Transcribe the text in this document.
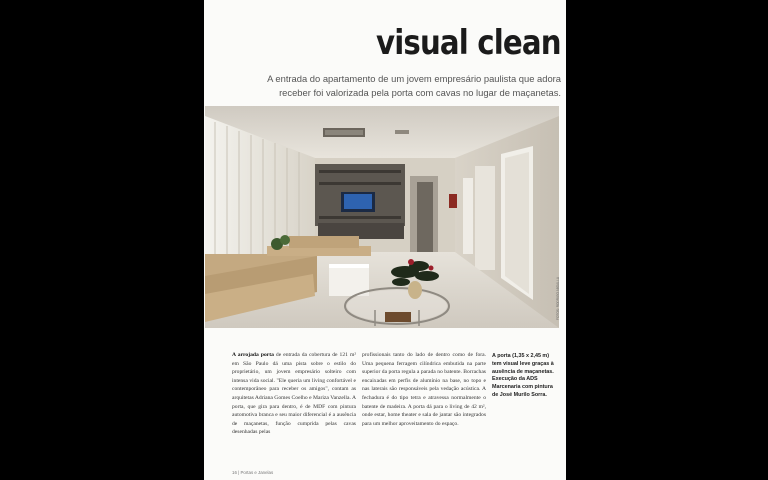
visual clean

A entrada do apartamento de um jovem empresário paulista que adora receber foi valorizada pela porta com cavas no lugar de maçanetas.

FOTOS: RODRIGO ABDALLA

A arrojada porta de entrada da cobertura de 121 m² em São Paulo dá uma pista sobre o estilo do proprietário, um jovem empresário solteiro com intensa vida social. "Ele queria um living confortável e contemporâneo para receber os amigos", contam as arquitetas Adriana Gomes Coelho e Mariza Vanzella. A porta, que gira para dentro, é de MDF com pintura automotiva branca e seu maior diferencial é a ausência de maçanetas, função cumprida pelas cavas desenhadas pelas

profissionais tanto do lado de dentro como de fora. Uma pequena ferragem cilíndrica embutida na parte superior da porta regula a parada no batente. Borrachas encaixadas em perfis de alumínio na base, no topo e nas laterais são responsáveis pela vedação acústica. A fechadura é do tipo tetra e atravessa normalmente o batente de madeira. A porta dá para o living de 42 m², onde estar, home theater e sala de jantar são integrados para um melhor aproveitamento do espaço.

A porta (1,35 x 2,45 m) tem visual leve graças à ausência de maçanetas. Execução da ADS Marcenaria com pintura de José Murilo Sorra.
16 | Portas e Janelas
